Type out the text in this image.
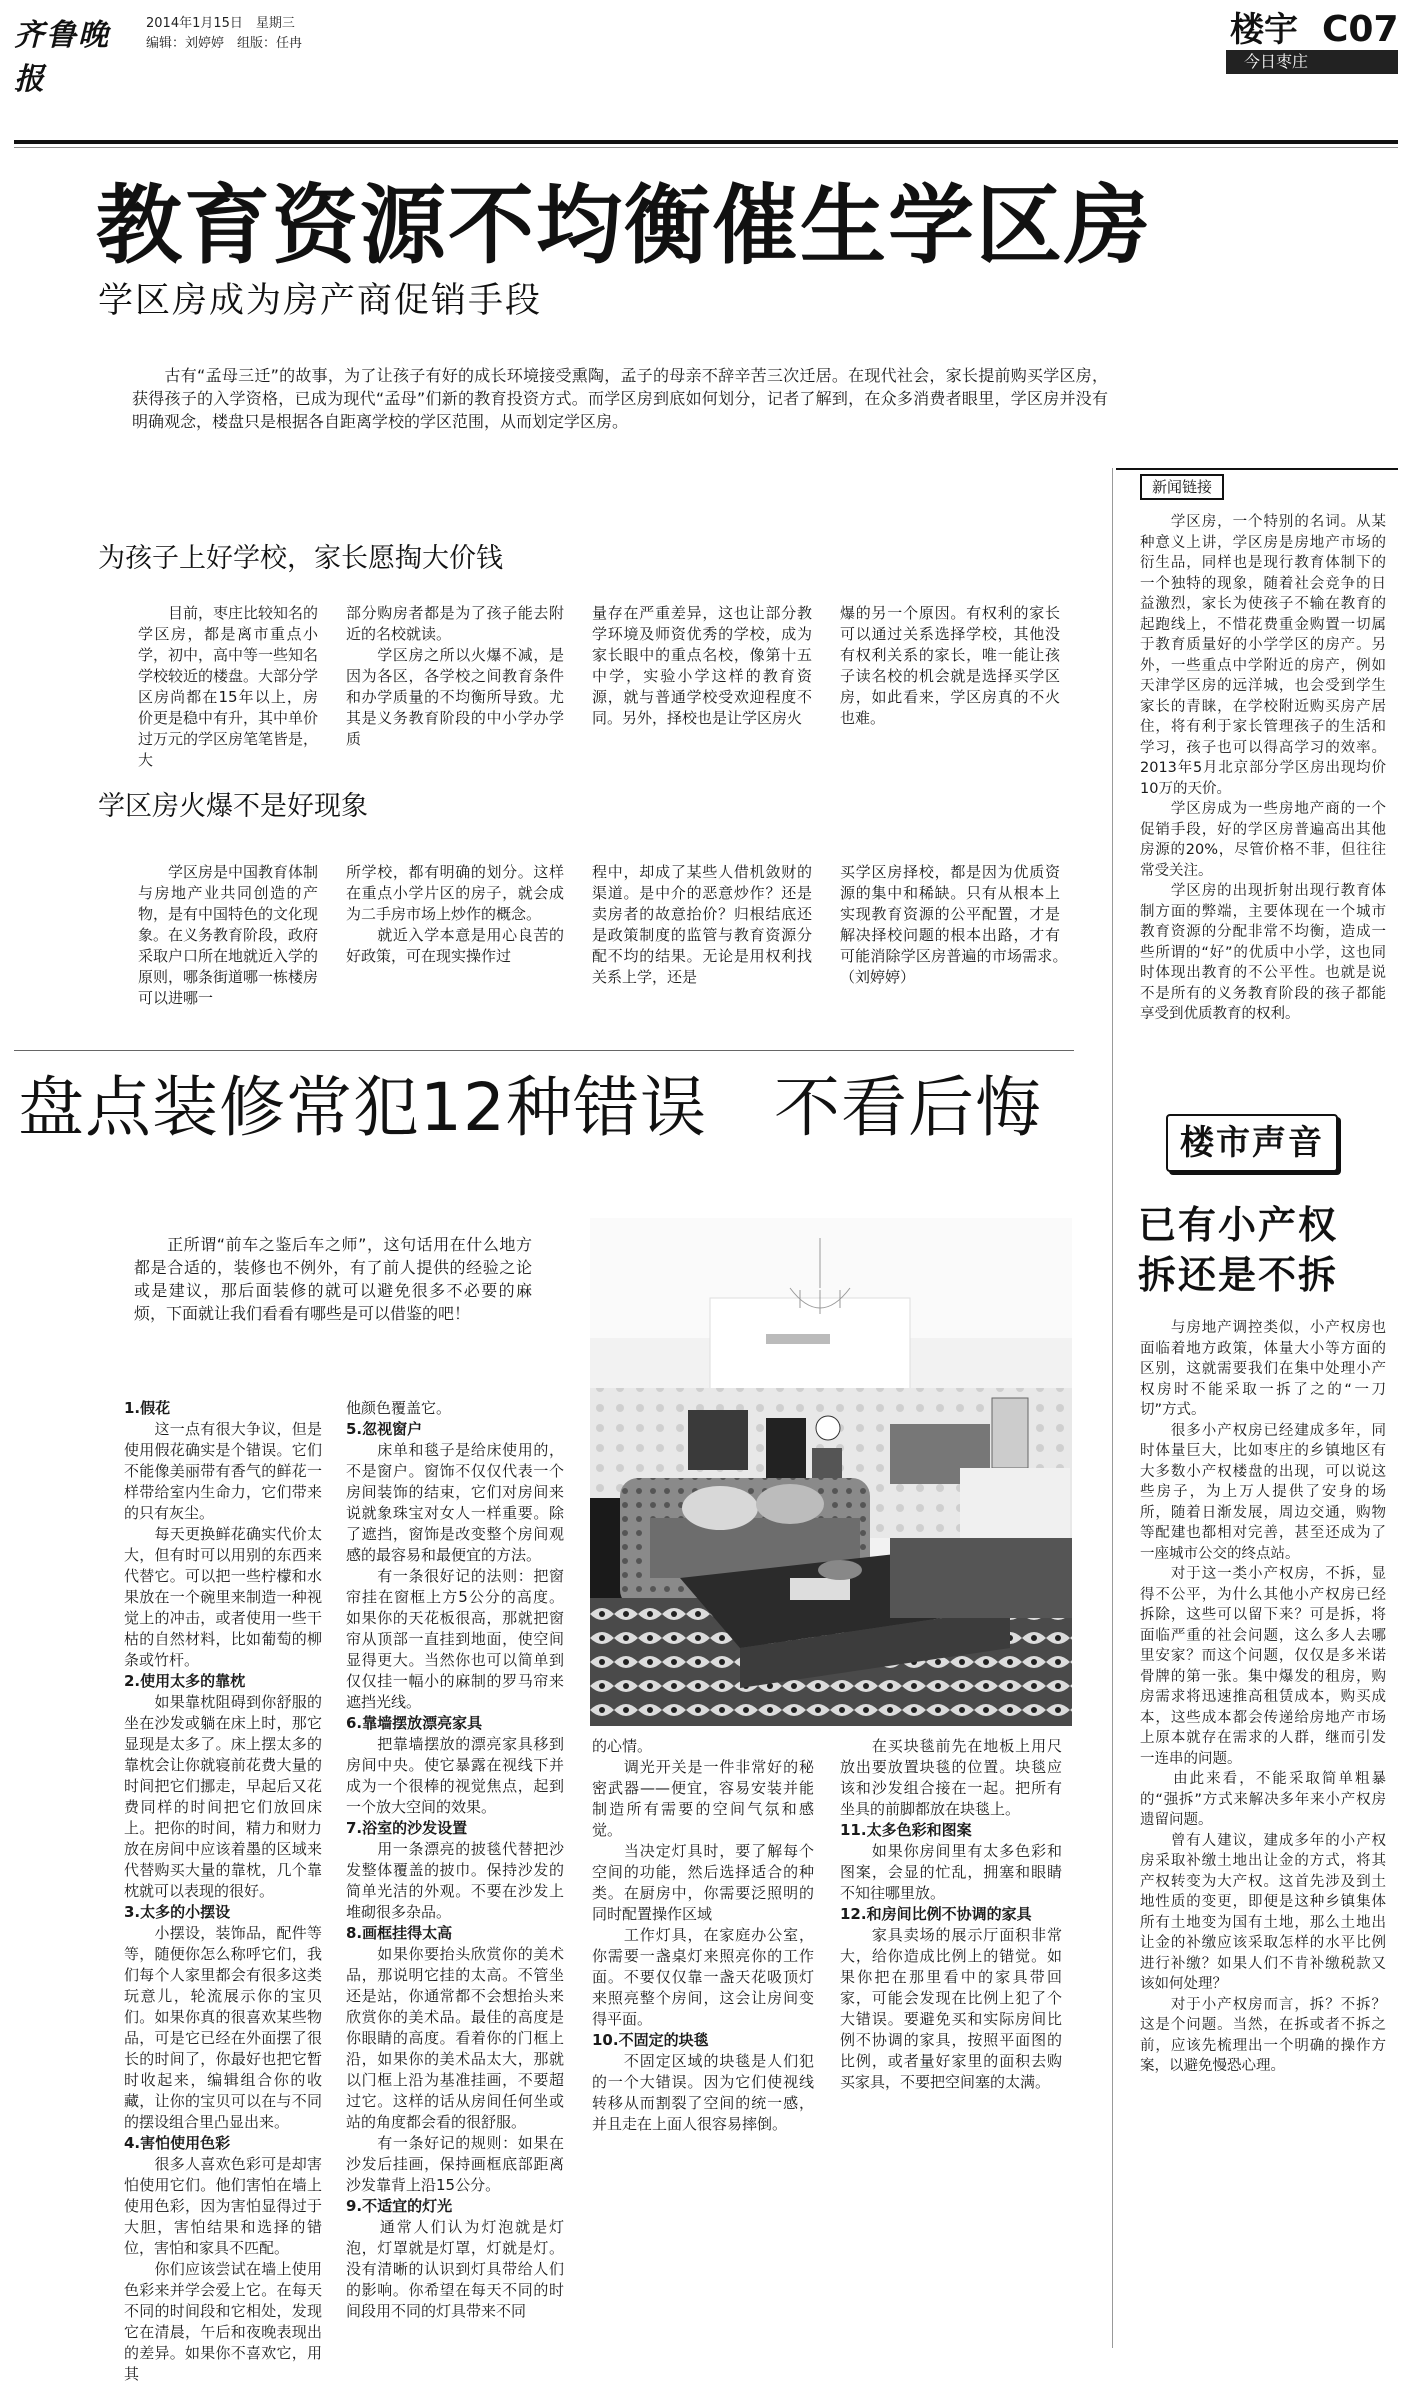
齐鲁晚报
2014年1月15日　星期三
编辑：刘婷婷　组版：任冉	楼宇 C07
今日枣庄
教育资源不均衡催生学区房
学区房成为房产商促销手段

　　古有“孟母三迁”的故事，为了让孩子有好的成长环境接受熏陶，孟子的母亲不辞辛苦三次迁居。在现代社会，家长提前购买学区房，获得孩子的入学资格，已成为现代“孟母”们新的教育投资方式。而学区房到底如何划分，记者了解到，在众多消费者眼里，学区房并没有明确观念，楼盘只是根据各自距离学校的学区范围，从而划定学区房。

为孩子上好学校，家长愿掏大价钱

　　目前，枣庄比较知名的学区房，都是离市重点小学，初中，高中等一些知名学校较近的楼盘。大部分学区房尚都在15年以上，房价更是稳中有升，其中单价过万元的学区房笔笔皆是，大

部分购房者都是为了孩子能去附近的名校就读。
　　学区房之所以火爆不减，是因为各区，各学校之间教育条件和办学质量的不均衡所导致。尤其是义务教育阶段的中小学办学质

量存在严重差异，这也让部分教学环境及师资优秀的学校，成为家长眼中的重点名校，像第十五中学，实验小学这样的教育资源，就与普通学校受欢迎程度不同。另外，择校也是让学区房火

爆的另一个原因。有权利的家长可以通过关系选择学校，其他没有权利关系的家长，唯一能让孩子读名校的机会就是选择买学区房，如此看来，学区房真的不火也难。

学区房火爆不是好现象

　　学区房是中国教育体制与房地产业共同创造的产物，是有中国特色的文化现象。在义务教育阶段，政府采取户口所在地就近入学的原则，哪条街道哪一栋楼房可以进哪一

所学校，都有明确的划分。这样在重点小学片区的房子，就会成为二手房市场上炒作的概念。
　　就近入学本意是用心良苦的好政策，可在现实操作过

程中，却成了某些人借机敛财的渠道。是中介的恶意炒作？还是卖房者的故意抬价？归根结底还是政策制度的监管与教育资源分配不均的结果。无论是用权利找关系上学，还是

买学区房择校，都是因为优质资源的集中和稀缺。只有从根本上实现教育资源的公平配置，才是解决择校问题的根本出路，才有可能消除学区房普遍的市场需求。　（刘婷婷）

新闻链接

　　学区房，一个特别的名词。从某种意义上讲，学区房是房地产市场的衍生品，同样也是现行教育体制下的一个独特的现象，随着社会竞争的日益激烈，家长为使孩子不输在教育的起跑线上，不惜花费重金购置一切属于教育质量好的小学学区的房产。另外，一些重点中学附近的房产，例如天津学区房的远洋城，也会受到学生家长的青睐，在学校附近购买房产居住，将有利于家长管理孩子的生活和学习，孩子也可以得高学习的效率。2013年5月北京部分学区房出现均价10万的天价。
　　学区房成为一些房地产商的一个促销手段，好的学区房普遍高出其他房源的20%，尽管价格不菲，但往往常受关注。
　　学区房的出现折射出现行教育体制方面的弊端，主要体现在一个城市教育资源的分配非常不均衡，造成一些所谓的“好”的优质中小学，这也同时体现出教育的不公平性。也就是说不是所有的义务教育阶段的孩子都能享受到优质教育的权利。

盘点装修常犯12种错误　不看后悔

　　正所谓“前车之鉴后车之师”，这句话用在什么地方都是合适的，装修也不例外，有了前人提供的经验之论或是建议，那后面装修的就可以避免很多不必要的麻烦，下面就让我们看看有哪些是可以借鉴的吧！

1.假花

　　这一点有很大争议，但是使用假花确实是个错误。它们不能像美丽带有香气的鲜花一样带给室内生命力，它们带来的只有灰尘。
　　每天更换鲜花确实代价太大，但有时可以用别的东西来代替它。可以把一些柠檬和水果放在一个碗里来制造一种视觉上的冲击，或者使用一些干枯的自然材料，比如葡萄的柳条或竹杆。

2.使用太多的靠枕

　　如果靠枕阻碍到你舒服的坐在沙发或躺在床上时，那它显现是太多了。床上摆太多的靠枕会让你就寝前花费大量的时间把它们挪走，早起后又花费同样的时间把它们放回床上。把你的时间，精力和财力放在房间中应该着墨的区域来代替购买大量的靠枕，几个靠枕就可以表现的很好。

3.太多的小摆设

　　小摆设，装饰品，配件等等，随便你怎么称呼它们，我们每个人家里都会有很多这类玩意儿，轮流展示你的宝贝们。如果你真的很喜欢某些物品，可是它已经在外面摆了很长的时间了，你最好也把它暂时收起来，编辑组合你的收藏，让你的宝贝可以在与不同的摆设组合里凸显出来。

4.害怕使用色彩

　　很多人喜欢色彩可是却害怕使用它们。他们害怕在墙上使用色彩，因为害怕显得过于大胆，害怕结果和选择的错位，害怕和家具不匹配。
　　你们应该尝试在墙上使用色彩来并学会爱上它。在每天不同的时间段和它相处，发现它在清晨，午后和夜晚表现出的差异。如果你不喜欢它，用其

他颜色覆盖它。

5.忽视窗户

　　床单和毯子是给床使用的，不是窗户。窗饰不仅仅代表一个房间装饰的结束，它们对房间来说就象珠宝对女人一样重要。除了遮挡，窗饰是改变整个房间观感的最容易和最便宜的方法。
　　有一条很好记的法则：把窗帘挂在窗框上方5公分的高度。如果你的天花板很高，那就把窗帘从顶部一直挂到地面，使空间显得更大。当然你也可以简单到仅仅挂一幅小的麻制的罗马帘来遮挡光线。

6.靠墙摆放漂亮家具

　　把靠墙摆放的漂亮家具移到房间中央。使它暴露在视线下并成为一个很棒的视觉焦点，起到一个放大空间的效果。

7.浴室的沙发设置

　　用一条漂亮的披毯代替把沙发整体覆盖的披巾。保持沙发的简单光洁的外观。不要在沙发上堆砌很多杂品。

8.画框挂得太高

　　如果你要抬头欣赏你的美术品，那说明它挂的太高。不管坐还是站，你通常都不会想抬头来欣赏你的美术品。最佳的高度是你眼睛的高度。看着你的门框上沿，如果你的美术品太大，那就以门框上沿为基准挂画，不要超过它。这样的话从房间任何坐或站的角度都会看的很舒服。
　　有一条好记的规则：如果在沙发后挂画，保持画框底部距离沙发靠背上沿15公分。

9.不适宜的灯光

　　通常人们认为灯泡就是灯泡，灯罩就是灯罩，灯就是灯。没有清晰的认识到灯具带给人们的影响。你希望在每天不同的时间段用不同的灯具带来不同

的心情。
　　调光开关是一件非常好的秘密武器——便宜，容易安装并能制造所有需要的空间气氛和感觉。
　　当决定灯具时，要了解每个空间的功能，然后选择适合的种类。在厨房中，你需要泛照明的同时配置操作区域
　　工作灯具，在家庭办公室，你需要一盏桌灯来照亮你的工作面。不要仅仅靠一盏天花吸顶灯来照亮整个房间，这会让房间变得平面。

10.不固定的块毯

　　不固定区域的块毯是人们犯的一个大错误。因为它们使视线转移从而割裂了空间的统一感，并且走在上面人很容易摔倒。

　　在买块毯前先在地板上用尺放出要放置块毯的位置。块毯应该和沙发组合接在一起。把所有坐具的前脚都放在块毯上。

11.太多色彩和图案

　　如果你房间里有太多色彩和图案，会显的忙乱，拥塞和眼睛不知往哪里放。

12.和房间比例不协调的家具

　　家具卖场的展示厅面积非常大，给你造成比例上的错觉。如果你把在那里看中的家具带回家，可能会发现在比例上犯了个大错误。要避免买和实际房间比例不协调的家具，按照平面图的比例，或者量好家里的面积去购买家具，不要把空间塞的太满。

楼市声音
已有小产权
拆还是不拆

　　与房地产调控类似，小产权房也面临着地方政策，体量大小等方面的区别，这就需要我们在集中处理小产权房时不能采取一拆了之的“一刀切”方式。
　　很多小产权房已经建成多年，同时体量巨大，比如枣庄的乡镇地区有大多数小产权楼盘的出现，可以说这些房子，为上万人提供了安身的场所，随着日渐发展，周边交通，购物等配建也都相对完善，甚至还成为了一座城市公交的终点站。
　　对于这一类小产权房，不拆，显得不公平，为什么其他小产权房已经拆除，这些可以留下来？可是拆，将面临严重的社会问题，这么多人去哪里安家？而这个问题，仅仅是多米诺骨牌的第一张。集中爆发的租房，购房需求将迅速推高租赁成本，购买成本，这些成本都会传递给房地产市场上原本就存在需求的人群，继而引发一连串的问题。
　　由此来看，不能采取简单粗暴的“强拆”方式来解决多年来小产权房遗留问题。
　　曾有人建议，建成多年的小产权房采取补缴土地出让金的方式，将其产权转变为大产权。这首先涉及到土地性质的变更，即便是这种乡镇集体所有土地变为国有土地，那么土地出让金的补缴应该采取怎样的水平比例进行补缴？如果人们不肯补缴税款又该如何处理？
　　对于小产权房而言，拆？不拆？这是个问题。当然，在拆或者不拆之前，应该先梳理出一个明确的操作方案，以避免慢恐心理。
